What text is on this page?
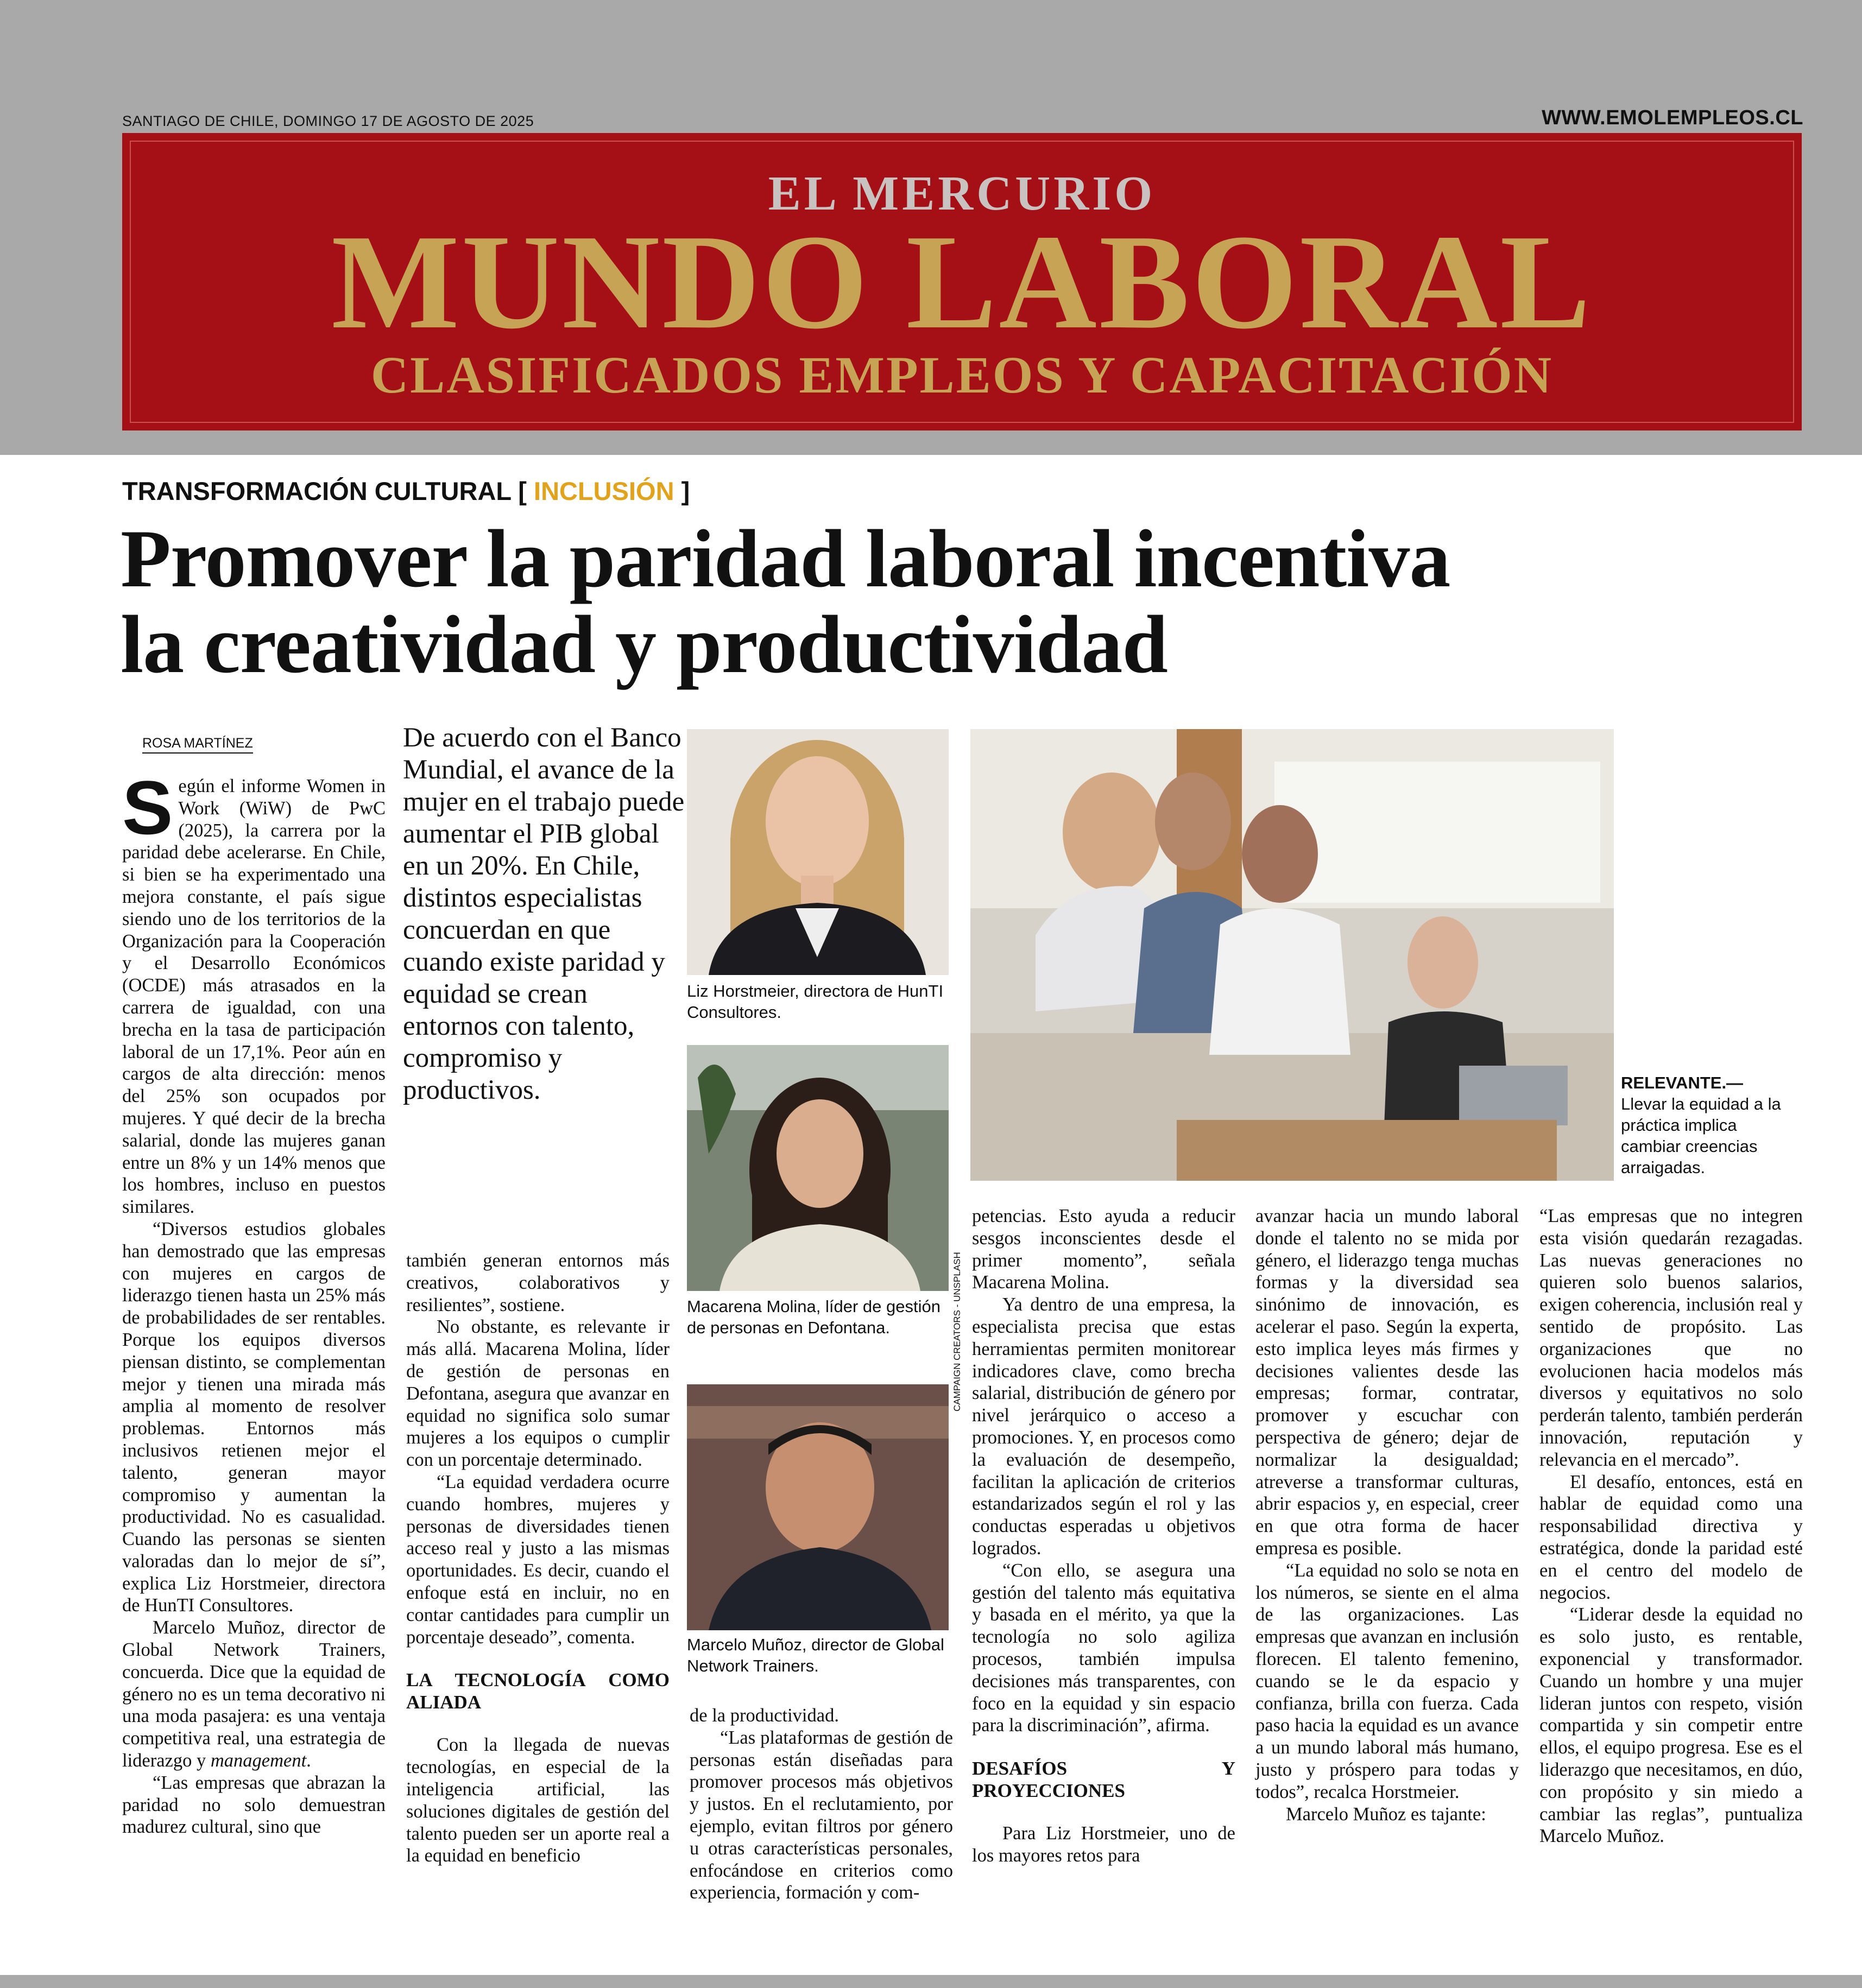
SANTIAGO DE CHILE, DOMINGO 17 DE AGOSTO DE 2025	WWW.EMOLEMPLEOS.CL
EL MERCURIO
MUNDO LABORAL
CLASIFICADOS EMPLEOS Y CAPACITACIÓN
TRANSFORMACIÓN CULTURAL [ INCLUSIÓN ]
Promover la paridad laboral incentiva
la creatividad y productividad
ROSA MARTÍNEZ

Según el informe Women in Work (WiW) de PwC (2025), la carrera por la paridad debe acelerarse. En Chile, si bien se ha experimentado una mejora constante, el país sigue siendo uno de los territorios de la Organización para la Cooperación y el Desarrollo Económicos (OCDE) más atrasados en la carrera de igualdad, con una brecha en la tasa de participación laboral de un 17,1%. Peor aún en cargos de alta dirección: menos del 25% son ocupados por mujeres. Y qué decir de la brecha salarial, donde las mujeres ganan entre un 8% y un 14% menos que los hombres, incluso en puestos similares.

“Diversos estudios globales han demostrado que las empresas con mujeres en cargos de liderazgo tienen hasta un 25% más de probabilidades de ser rentables. Porque los equipos diversos piensan distinto, se complementan mejor y tienen una mirada más amplia al momento de resolver problemas. Entornos más inclusivos retienen mejor el talento, generan mayor compromiso y aumentan la productividad. No es casualidad. Cuando las personas se sienten valoradas dan lo mejor de sí”, explica Liz Horstmeier, directora de HunTI Consultores.

Marcelo Muñoz, director de Global Network Trainers, concuerda. Dice que la equidad de género no es un tema decorativo ni una moda pasajera: es una ventaja competitiva real, una estrategia de liderazgo y management.

“Las empresas que abrazan la paridad no solo demuestran madurez cultural, sino que

De acuerdo con el Banco Mundial, el avance de la mujer en el trabajo puede aumentar el PIB global en un 20%. En Chile, distintos especialistas concuerdan en que cuando existe paridad y equidad se crean entornos con talento, compromiso y productivos.

también generan entornos más creativos, colaborativos y resilientes”, sostiene.

No obstante, es relevante ir más allá. Macarena Molina, líder de gestión de personas en Defontana, asegura que avanzar en equidad no significa solo sumar mujeres a los equipos o cumplir con un porcentaje determinado.

“La equidad verdadera ocurre cuando hombres, mujeres y personas de diversidades tienen acceso real y justo a las mismas oportunidades. Es decir, cuando el enfoque está en incluir, no en contar cantidades para cumplir un porcentaje deseado”, comenta.

LA TECNOLOGÍA COMO ALIADA

Con la llegada de nuevas tecnologías, en especial de la inteligencia artificial, las soluciones digitales de gestión del talento pueden ser un aporte real a la equidad en beneficio

Liz Horstmeier, directora de HunTI Consultores.
Macarena Molina, líder de gestión de personas en Defontana.
Marcelo Muñoz, director de Global Network Trainers.
CAMPAIGN CREATORS - UNSPLASH
RELEVANTE.—
Llevar la equidad a la práctica implica cambiar creencias arraigadas.

de la productividad.

“Las plataformas de gestión de personas están diseñadas para promover procesos más objetivos y justos. En el reclutamiento, por ejemplo, evitan filtros por género u otras características personales, enfocándose en criterios como experiencia, formación y com-

petencias. Esto ayuda a reducir sesgos inconscientes desde el primer momento”, señala Macarena Molina.

Ya dentro de una empresa, la especialista precisa que estas herramientas permiten monitorear indicadores clave, como brecha salarial, distribución de género por nivel jerárquico o acceso a promociones. Y, en procesos como la evaluación de desempeño, facilitan la aplicación de criterios estandarizados según el rol y las conductas esperadas u objetivos logrados.

“Con ello, se asegura una gestión del talento más equitativa y basada en el mérito, ya que la tecnología no solo agiliza procesos, también impulsa decisiones más transparentes, con foco en la equidad y sin espacio para la discriminación”, afirma.

DESAFÍOS Y PROYECCIONES

Para Liz Horstmeier, uno de los mayores retos para

avanzar hacia un mundo laboral donde el talento no se mida por género, el liderazgo tenga muchas formas y la diversidad sea sinónimo de innovación, es acelerar el paso. Según la experta, esto implica leyes más firmes y decisiones valientes desde las empresas; formar, contratar, promover y escuchar con perspectiva de género; dejar de normalizar la desigualdad; atreverse a transformar culturas, abrir espacios y, en especial, creer en que otra forma de hacer empresa es posible.

“La equidad no solo se nota en los números, se siente en el alma de las organizaciones. Las empresas que avanzan en inclusión florecen. El talento femenino, cuando se le da espacio y confianza, brilla con fuerza. Cada paso hacia la equidad es un avance a un mundo laboral más humano, justo y próspero para todas y todos”, recalca Horstmeier.

Marcelo Muñoz es tajante:

“Las empresas que no integren esta visión quedarán rezagadas. Las nuevas generaciones no quieren solo buenos salarios, exigen coherencia, inclusión real y sentido de propósito. Las organizaciones que no evolucionen hacia modelos más diversos y equitativos no solo perderán talento, también perderán innovación, reputación y relevancia en el mercado”.

El desafío, entonces, está en hablar de equidad como una responsabilidad directiva y estratégica, donde la paridad esté en el centro del modelo de negocios.

“Liderar desde la equidad no es solo justo, es rentable, exponencial y transformador. Cuando un hombre y una mujer lideran juntos con respeto, visión compartida y sin competir entre ellos, el equipo progresa. Ese es el liderazgo que necesitamos, en dúo, con propósito y sin miedo a cambiar las reglas”, puntualiza Marcelo Muñoz.
